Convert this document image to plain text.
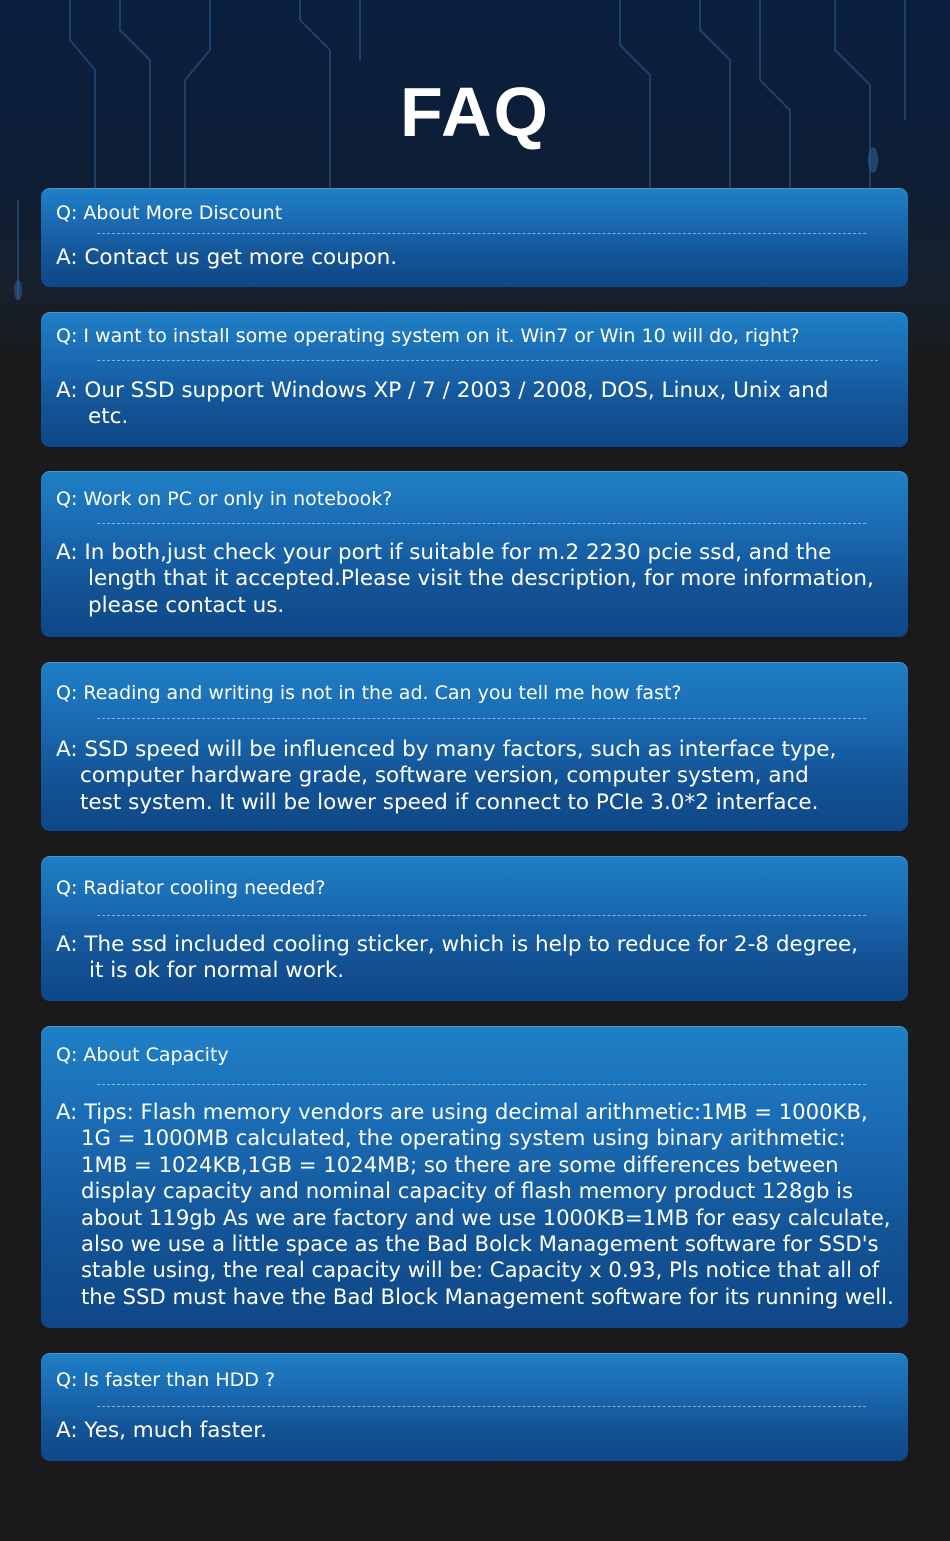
FAQ
Q: About More Discount
A: Contact us get more coupon.
Q: I want to install some operating system on it. Win7 or Win 10 will do, right?
A: Our SSD support Windows XP / 7 / 2003 / 2008, DOS, Linux, Unix and
etc.
Q: Work on PC or only in notebook?
A: In both,just check your port if suitable for m.2 2230 pcie ssd, and the
length that it accepted.Please visit the description, for more information,
please contact us.
Q: Reading and writing is not in the ad. Can you tell me how fast?
A: SSD speed will be influenced by many factors, such as interface type,
computer hardware grade, software version, computer system, and
test system. It will be lower speed if connect to PCIe 3.0*2 interface.
Q: Radiator cooling needed?
A: The ssd included cooling sticker, which is help to reduce for 2-8 degree,
it is ok for normal work.
Q: About Capacity
A: Tips: Flash memory vendors are using decimal arithmetic:1MB = 1000KB,
1G = 1000MB calculated, the operating system using binary arithmetic:
1MB = 1024KB,1GB = 1024MB; so there are some differences between
display capacity and nominal capacity of flash memory product 128gb is
about 119gb As we are factory and we use 1000KB=1MB for easy calculate,
also we use a little space as the Bad Bolck Management software for SSD's
stable using, the real capacity will be: Capacity x 0.93, Pls notice that all of
the SSD must have the Bad Block Management software for its running well.
Q: Is faster than HDD ?
A: Yes, much faster.
